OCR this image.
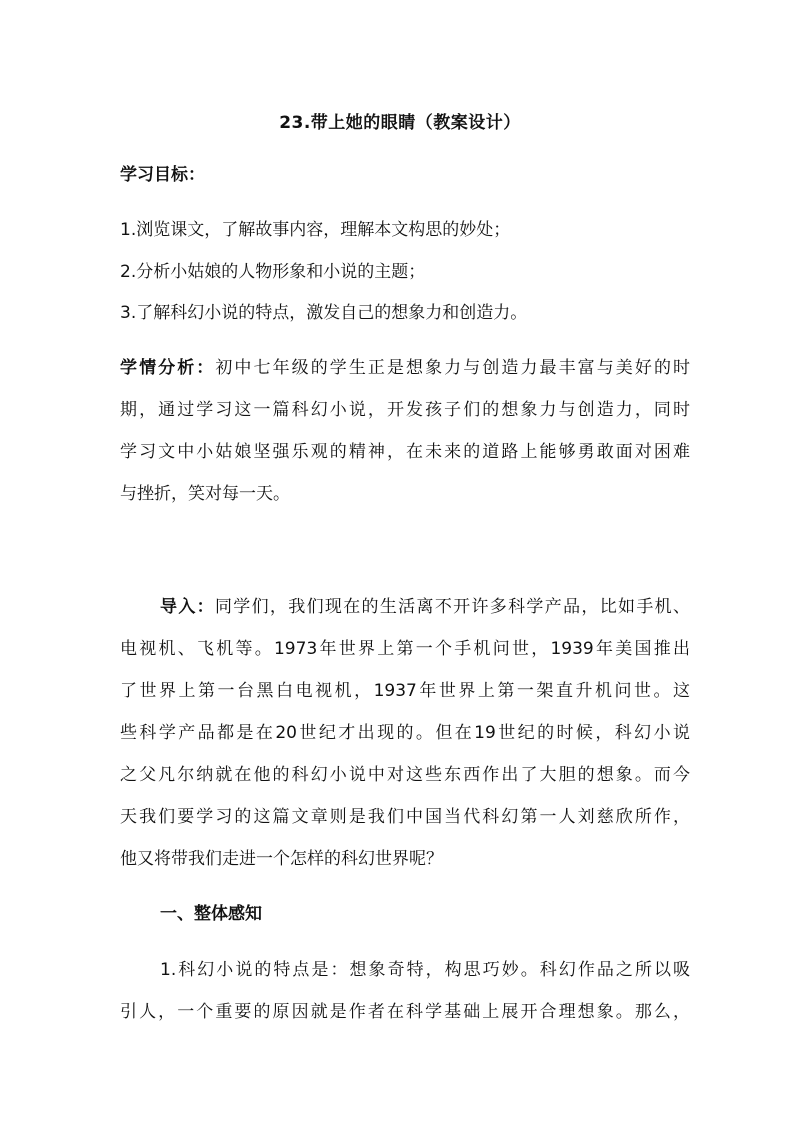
23.带上她的眼睛（教案设计）
学习目标：
1.浏览课文，了解故事内容，理解本文构思的妙处；
2.分析小姑娘的人物形象和小说的主题；
3.了解科幻小说的特点，激发自己的想象力和创造力。
学情分析：初中七年级的学生正是想象力与创造力最丰富与美好的时
期，通过学习这一篇科幻小说，开发孩子们的想象力与创造力，同时
学习文中小姑娘坚强乐观的精神，在未来的道路上能够勇敢面对困难
与挫折，笑对每一天。
导入：同学们，我们现在的生活离不开许多科学产品，比如手机、
电视机、飞机等。1973年世界上第一个手机问世，1939年美国推出
了世界上第一台黑白电视机，1937年世界上第一架直升机问世。这
些科学产品都是在20世纪才出现的。但在19世纪的时候，科幻小说
之父凡尔纳就在他的科幻小说中对这些东西作出了大胆的想象。而今
天我们要学习的这篇文章则是我们中国当代科幻第一人刘慈欣所作，
他又将带我们走进一个怎样的科幻世界呢？
一、整体感知
1.科幻小说的特点是：想象奇特，构思巧妙。科幻作品之所以吸
引人，一个重要的原因就是作者在科学基础上展开合理想象。那么，
